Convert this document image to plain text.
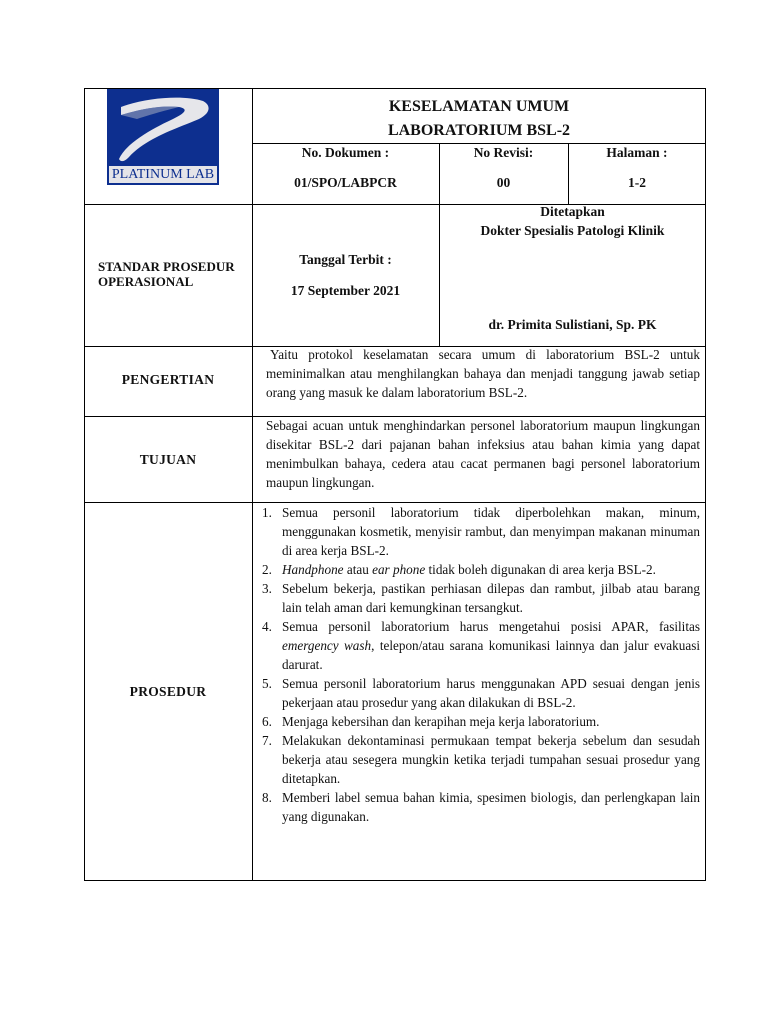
PLATINUM LAB
KESELAMATAN UMUM
LABORATORIUM BSL-2
No. Dokumen :
01/SPO/LABPCR
No Revisi:
00
Halaman :
1-2
STANDAR PROSEDUR
OPERASIONAL
Tanggal Terbit :
17 September 2021
Ditetapkan
Dokter Spesialis Patologi Klinik
dr. Primita Sulistiani, Sp. PK
PENGERTIAN
Yaitu protokol keselamatan secara umum di laboratorium BSL-2 untuk meminimalkan atau menghilangkan bahaya dan menjadi tanggung jawab setiap orang yang masuk ke dalam laboratorium BSL-2.
TUJUAN
Sebagai acuan untuk menghindarkan personel laboratorium maupun lingkungan disekitar BSL-2 dari pajanan bahan infeksius atau bahan kimia yang dapat menimbulkan bahaya, cedera atau cacat permanen bagi personel laboratorium maupun lingkungan.
PROSEDUR
1. Semua personil laboratorium tidak diperbolehkan makan, minum, menggunakan kosmetik, menyisir rambut, dan menyimpan makanan minuman di area kerja BSL-2.
2. Handphone atau ear phone tidak boleh digunakan di area kerja BSL-2.
3. Sebelum bekerja, pastikan perhiasan dilepas dan rambut, jilbab atau barang lain telah aman dari kemungkinan tersangkut.
4. Semua personil laboratorium harus mengetahui posisi APAR, fasilitas emergency wash, telepon/atau sarana komunikasi lainnya dan jalur evakuasi darurat.
5. Semua personil laboratorium harus menggunakan APD sesuai dengan jenis pekerjaan atau prosedur yang akan dilakukan di BSL-2.
6. Menjaga kebersihan dan kerapihan meja kerja laboratorium.
7. Melakukan dekontaminasi permukaan tempat bekerja sebelum dan sesudah bekerja atau sesegera mungkin ketika terjadi tumpahan sesuai prosedur yang ditetapkan.
8. Memberi label semua bahan kimia, spesimen biologis, dan perlengkapan lain yang digunakan.
